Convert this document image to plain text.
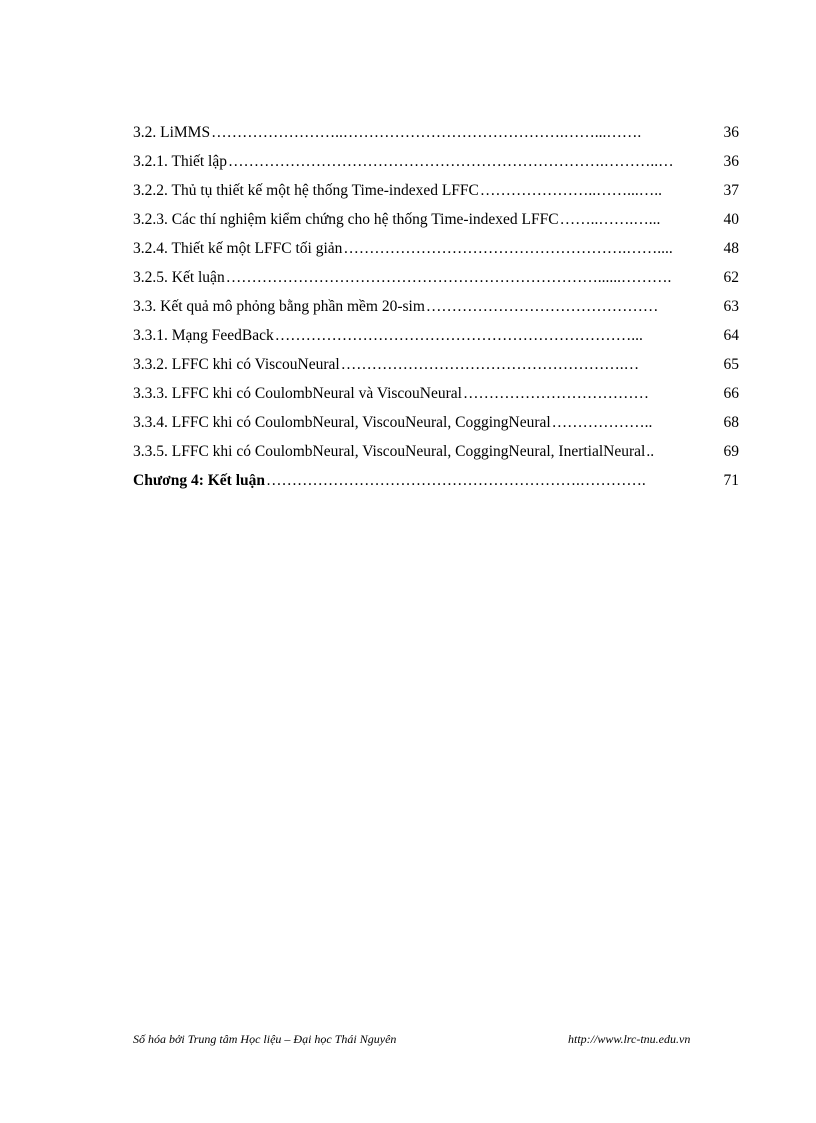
3.2. LiMMS ……………………..…………………………………….……...…….	36
3.2.1. Thiết lập ……………………………………………………………….………..…	36
3.2.2. Thủ tụ thiết kế một hệ thống Time-indexed LFFC …………………..……...…..	37
3.2.3. Các thí nghiệm kiểm chứng cho hệ thống Time-indexed LFFC ……..…….…...	40
3.2.4. Thiết kế một LFFC tối giản ……………………………………………….……....	48
3.2.5. Kết luận ………………………………………………………………......……….	62
3.3. Kết quả mô phỏng bằng phần mềm 20-sim ………………………………………	63
3.3.1. Mạng FeedBack ……………………………………………………………...	64
3.3.2. LFFC khi có ViscouNeural ……………………………………………….…	65
3.3.3. LFFC khi có CoulombNeural và ViscouNeural ………………………………	66
3.3.4. LFFC khi có CoulombNeural, ViscouNeural, CoggingNeural ………………..	68
3.3.5. LFFC khi có CoulombNeural, ViscouNeural, CoggingNeural, InertialNeural ..	69
Chương 4: Kết luận …………………………………………………….………….	71
Số hóa bởi Trung tâm Học liệu – Đại học Thái Nguyên	http://www.lrc-tnu.edu.vn
